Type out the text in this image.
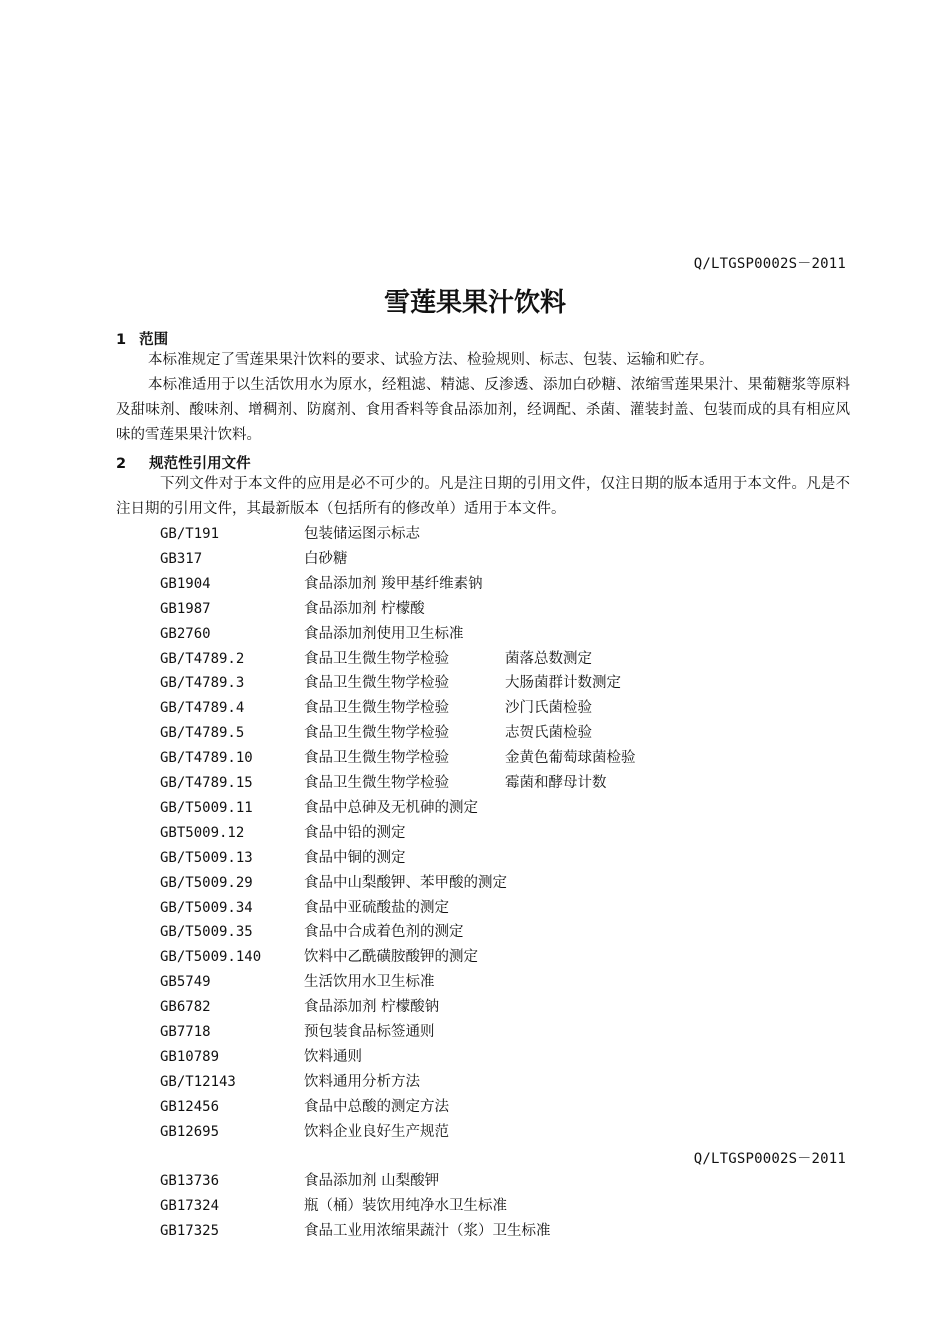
Q/LTGSP0002S－2011
雪莲果果汁饮料
1 范围
本标准规定了雪莲果果汁饮料的要求、试验方法、检验规则、标志、包装、运输和贮存。
本标准适用于以生活饮用水为原水，经粗滤、精滤、反渗透、添加白砂糖、浓缩雪莲果果汁、果葡糖浆等原料及甜味剂、酸味剂、增稠剂、防腐剂、食用香料等食品添加剂，经调配、杀菌、灌装封盖、包装而成的具有相应风味的雪莲果果汁饮料。
2 规范性引用文件
下列文件对于本文件的应用是必不可少的。凡是注日期的引用文件，仅注日期的版本适用于本文件。凡是不注日期的引用文件，其最新版本（包括所有的修改单）适用于本文件。
GB/T191	包装储运图示标志
GB317	白砂糖
GB1904	食品添加剂 羧甲基纤维素钠
GB1987	食品添加剂 柠檬酸
GB2760	食品添加剂使用卫生标准
GB/T4789.2	食品卫生微生物学检验	菌落总数测定
GB/T4789.3	食品卫生微生物学检验	大肠菌群计数测定
GB/T4789.4	食品卫生微生物学检验	沙门氏菌检验
GB/T4789.5	食品卫生微生物学检验	志贺氏菌检验
GB/T4789.10	食品卫生微生物学检验	金黄色葡萄球菌检验
GB/T4789.15	食品卫生微生物学检验	霉菌和酵母计数
GB/T5009.11	食品中总砷及无机砷的测定
GBT5009.12	食品中铅的测定
GB/T5009.13	食品中铜的测定
GB/T5009.29	食品中山梨酸钾、苯甲酸的测定
GB/T5009.34	食品中亚硫酸盐的测定
GB/T5009.35	食品中合成着色剂的测定
GB/T5009.140	饮料中乙酰磺胺酸钾的测定
GB5749	生活饮用水卫生标准
GB6782	食品添加剂 柠檬酸钠
GB7718	预包装食品标签通则
GB10789	饮料通则
GB/T12143	饮料通用分析方法
GB12456	食品中总酸的测定方法
GB12695	饮料企业良好生产规范
Q/LTGSP0002S－2011
GB13736	食品添加剂 山梨酸钾
GB17324	瓶（桶）装饮用纯净水卫生标准
GB17325	食品工业用浓缩果蔬汁（浆）卫生标准
